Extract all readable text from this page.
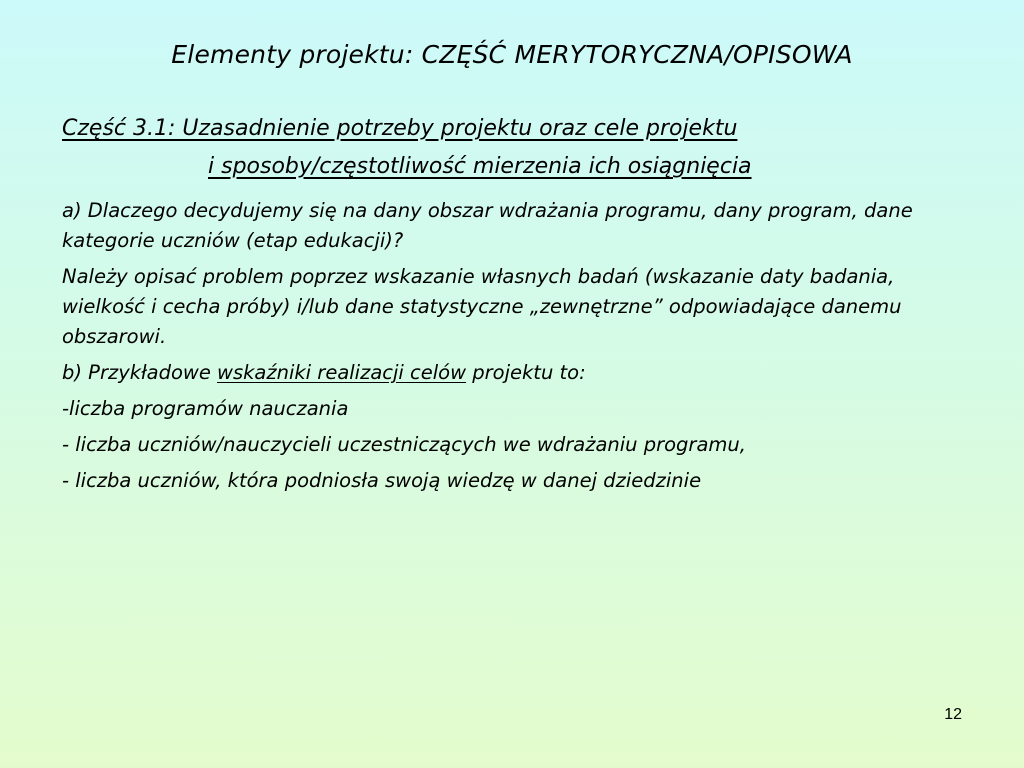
Elementy projektu: CZĘŚĆ MERYTORYCZNA/OPISOWA
Część 3.1: Uzasadnienie potrzeby projektu oraz cele projektu
i sposoby/częstotliwość mierzenia ich osiągnięcia

a) Dlaczego decydujemy się na dany obszar wdrażania programu, dany program, dane kategorie uczniów (etap edukacji)?

Należy opisać problem poprzez wskazanie własnych badań (wskazanie daty badania, wielkość i cecha próby) i/lub dane statystyczne „zewnętrzne” odpowiadające danemu obszarowi.

b) Przykładowe wskaźniki realizacji celów projektu to:

-liczba programów nauczania

- liczba uczniów/nauczycieli uczestniczących we wdrażaniu programu,

- liczba uczniów, która podniosła swoją wiedzę w danej dziedzinie

12
